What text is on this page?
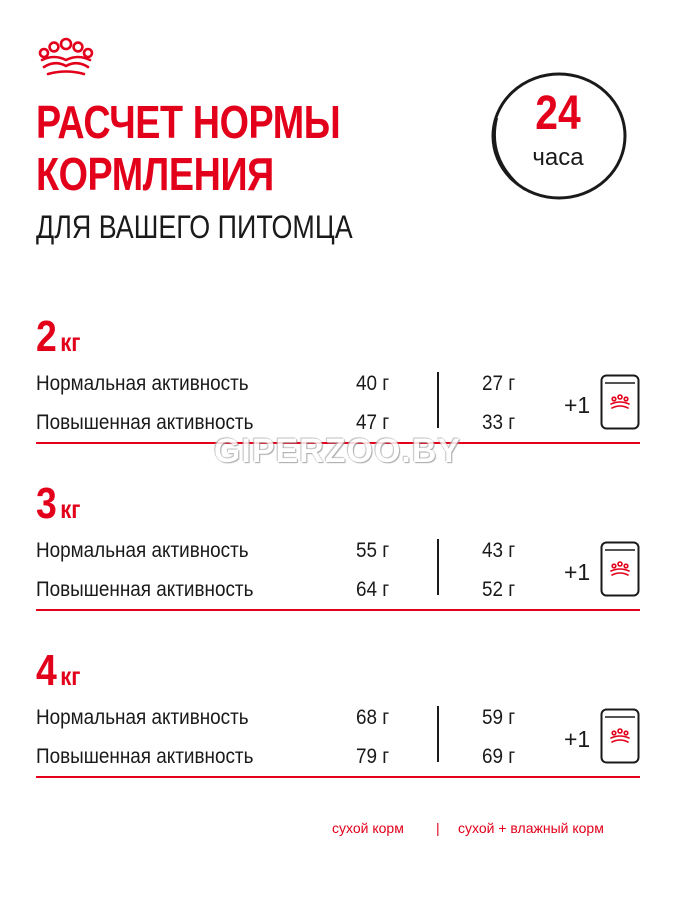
РАСЧЕТ НОРМЫ
КОРМЛЕНИЯ
ДЛЯ ВАШЕГО ПИТОМЦА
24
часа
2 кг
Нормальная активность	40 г	27 г
Повышенная активность	47 г	33 г
+1
3 кг
Нормальная активность	55 г	43 г
Повышенная активность	64 г	52 г
+1
4 кг
Нормальная активность	68 г	59 г
Повышенная активность	79 г	69 г
+1
GIPERZOO.BY
сухой корм | сухой + влажный корм
